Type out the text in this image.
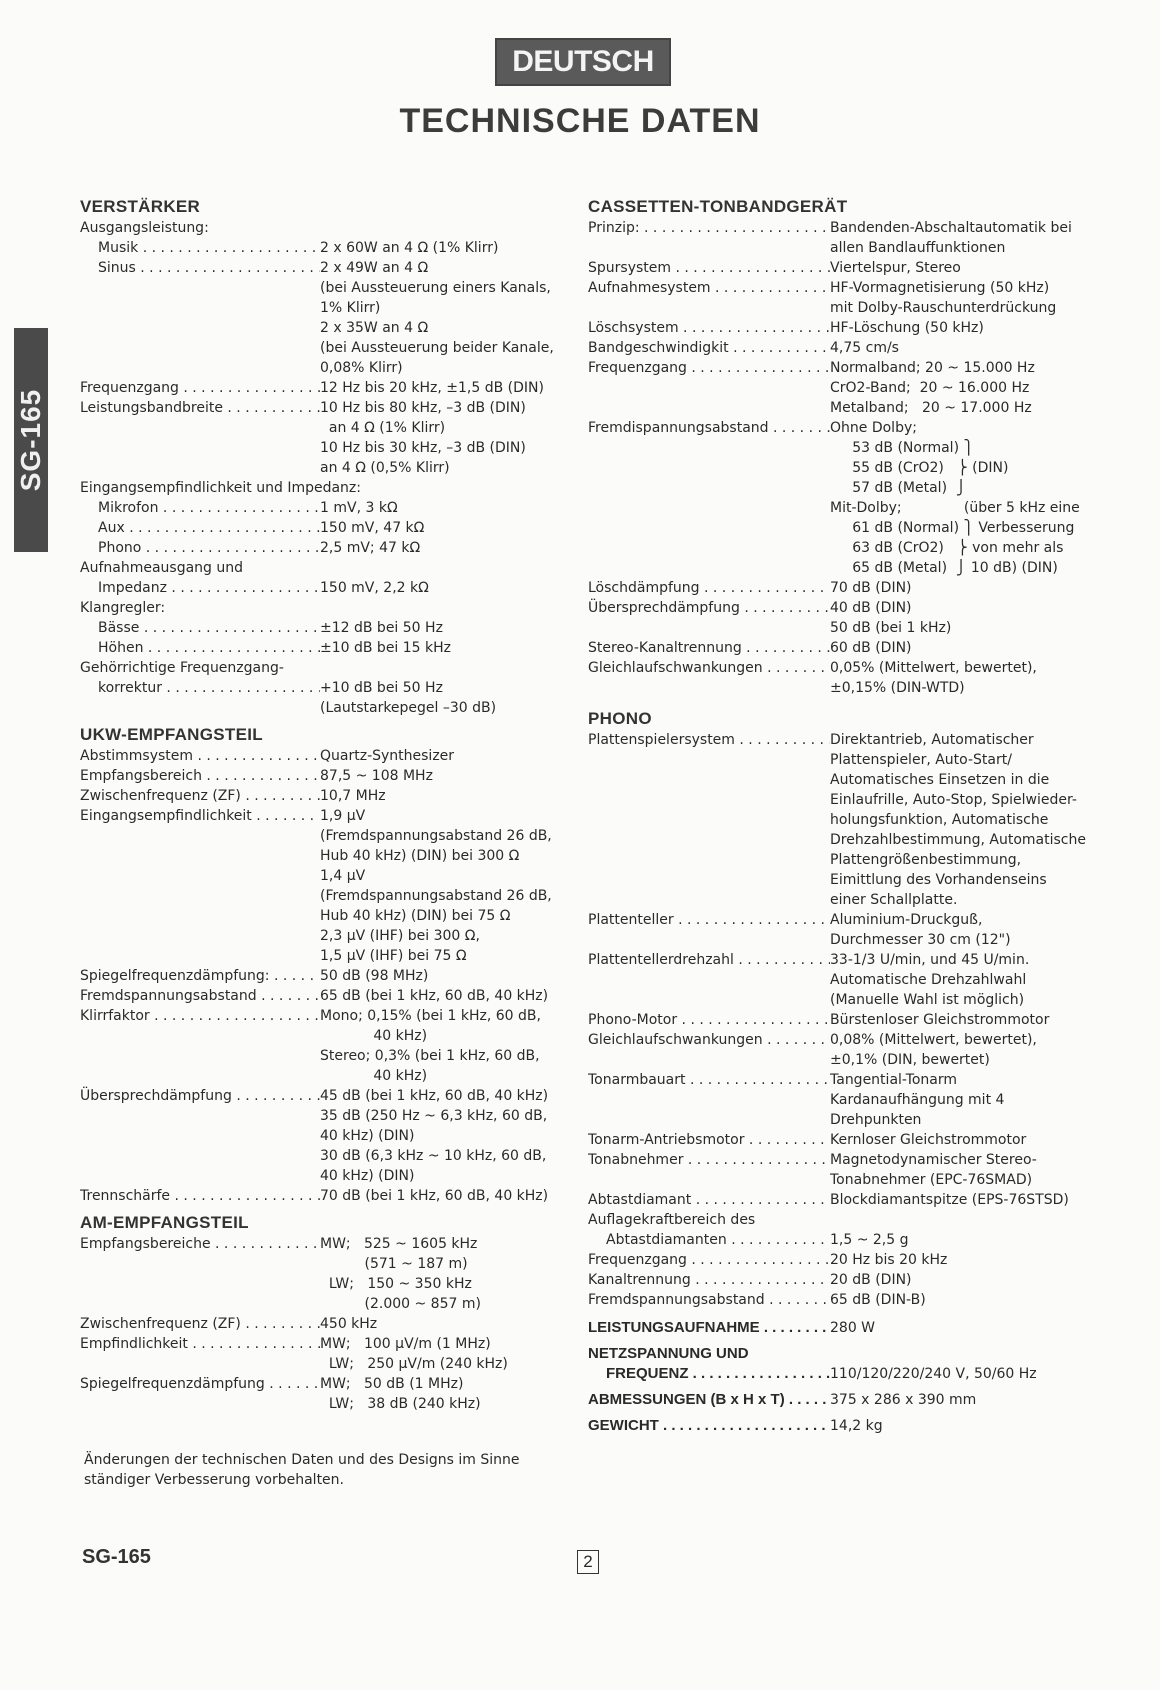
DEUTSCH
TECHNISCHE DATEN
SG-165
VERSTÄRKER
Ausgangsleistung:
Musik . . .	2 x 60W an 4 Ω (1% Klirr)
Sinus . . .	2 x 49W an 4 Ω
(bei Aussteuerung einers Kanals,
1% Klirr)
2 x 35W an 4 Ω
(bei Aussteuerung beider Kanale,
0,08% Klirr)
Frequenzgang . . .	12 Hz bis 20 kHz, ±1,5 dB (DIN)
Leistungsbandbreite . . .	10 Hz bis 80 kHz, –3 dB (DIN)
an 4 Ω (1% Klirr)
10 Hz bis 30 kHz, –3 dB (DIN)
an 4 Ω (0,5% Klirr)
Eingangsempfindlichkeit und Impedanz:
Mikrofon . . .	1 mV, 3 kΩ
Aux . . .	150 mV, 47 kΩ
Phono . . .	2,5 mV; 47 kΩ
Aufnahmeausgang und
Impedanz . . .	150 mV, 2,2 kΩ
Klangregler:
Bässe . . .	±12 dB bei 50 Hz
Höhen . . .	±10 dB bei 15 kHz
Gehörrichtige Frequenzgang-
korrektur . . .	+10 dB bei 50 Hz
(Lautstarkepegel –30 dB)
UKW-EMPFANGSTEIL
Abstimmsystem . . .	Quartz-Synthesizer
Empfangsbereich . . .	87,5 ~ 108 MHz
Zwischenfrequenz (ZF) . . .	10,7 MHz
Eingangsempfindlichkeit . . .	1,9 µV
(Fremdspannungsabstand 26 dB,
Hub 40 kHz) (DIN) bei 300 Ω
1,4 µV
(Fremdspannungsabstand 26 dB,
Hub 40 kHz) (DIN) bei 75 Ω
2,3 µV (IHF) bei 300 Ω,
1,5 µV (IHF) bei 75 Ω
Spiegelfrequenzdämpfung: . . .	50 dB (98 MHz)
Fremdspannungsabstand . . .	65 dB (bei 1 kHz, 60 dB, 40 kHz)
Klirrfaktor . . .	Mono; 0,15% (bei 1 kHz, 60 dB,
40 kHz)
Stereo; 0,3% (bei 1 kHz, 60 dB,
40 kHz)
Übersprechdämpfung . . .	45 dB (bei 1 kHz, 60 dB, 40 kHz)
35 dB (250 Hz ~ 6,3 kHz, 60 dB,
40 kHz) (DIN)
30 dB (6,3 kHz ~ 10 kHz, 60 dB,
40 kHz) (DIN)
Trennschärfe . . .	70 dB (bei 1 kHz, 60 dB, 40 kHz)
AM-EMPFANGSTEIL
Empfangsbereiche . . .	MW;   525 ~ 1605 kHz
(571 ~ 187 m)
LW;   150 ~ 350 kHz
(2.000 ~ 857 m)
Zwischenfrequenz (ZF) . . .	450 kHz
Empfindlichkeit . . .	MW;   100 µV/m (1 MHz)
LW;   250 µV/m (240 kHz)
Spiegelfrequenzdämpfung . . .	MW;   50 dB (1 MHz)
LW;   38 dB (240 kHz)
CASSETTEN-TONBANDGERÄT
Prinzip: . . .	Bandenden-Abschaltautomatik bei
allen Bandlauffunktionen
Spursystem . . .	Viertelspur, Stereo
Aufnahmesystem . . .	HF-Vormagnetisierung (50 kHz)
mit Dolby-Rauschunterdrückung
Löschsystem . . .	HF-Löschung (50 kHz)
Bandgeschwindigkit . . .	4,75 cm/s
Frequenzgang . . .	Normalband; 20 ~ 15.000 Hz
CrO2-Band;  20 ~ 16.000 Hz
Metalband;   20 ~ 17.000 Hz
Fremdispannungsabstand . . .	Ohne Dolby;
53 dB (Normal) ⎫
55 dB (CrO2)   ⎬ (DIN)
57 dB (Metal)  ⎭
Mit-Dolby;              (über 5 kHz eine
61 dB (Normal) ⎫ Verbesserung
63 dB (CrO2)   ⎬ von mehr als
65 dB (Metal)  ⎭ 10 dB) (DIN)
Löschdämpfung . . .	70 dB (DIN)
Übersprechdämpfung . . .	40 dB (DIN)
50 dB (bei 1 kHz)
Stereo-Kanaltrennung . . .	60 dB (DIN)
Gleichlaufschwankungen . . .	0,05% (Mittelwert, bewertet),
±0,15% (DIN-WTD)
PHONO
Plattenspielersystem . . .	Direktantrieb, Automatischer
Plattenspieler, Auto-Start/
Automatisches Einsetzen in die
Einlaufrille, Auto-Stop, Spielwieder-
holungsfunktion, Automatische
Drehzahlbestimmung, Automatische
Plattengrößenbestimmung,
Eimittlung des Vorhandenseins
einer Schallplatte.
Plattenteller . . .	Aluminium-Druckguß,
Durchmesser 30 cm (12")
Plattentellerdrehzahl . . .	33-1/3 U/min, und 45 U/min.
Automatische Drehzahlwahl
(Manuelle Wahl ist möglich)
Phono-Motor . . .	Bürstenloser Gleichstrommotor
Gleichlaufschwankungen . . .	0,08% (Mittelwert, bewertet),
±0,1% (DIN, bewertet)
Tonarmbauart . . .	Tangential-Tonarm
Kardanaufhängung mit 4
Drehpunkten
Tonarm-Antriebsmotor . . .	Kernloser Gleichstrommotor
Tonabnehmer . . .	Magnetodynamischer Stereo-
Tonabnehmer (EPC-76SMAD)
Abtastdiamant . . .	Blockdiamantspitze (EPS-76STSD)
Auflagekraftbereich des
Abtastdiamanten . . .	1,5 ~ 2,5 g
Frequenzgang . . .	20 Hz bis 20 kHz
Kanaltrennung . . .	20 dB (DIN)
Fremdspannungsabstand . . .	65 dB (DIN-B)
LEISTUNGSAUFNAHME . . .	280 W
NETZSPANNUNG UND
FREQUENZ . . .	110/120/220/240 V, 50/60 Hz
ABMESSUNGEN (B x H x T) . . .	375 x 286 x 390 mm
GEWICHT . . .	14,2 kg
Änderungen der technischen Daten und des Designs im Sinne
ständiger Verbesserung vorbehalten.
SG-165	2
